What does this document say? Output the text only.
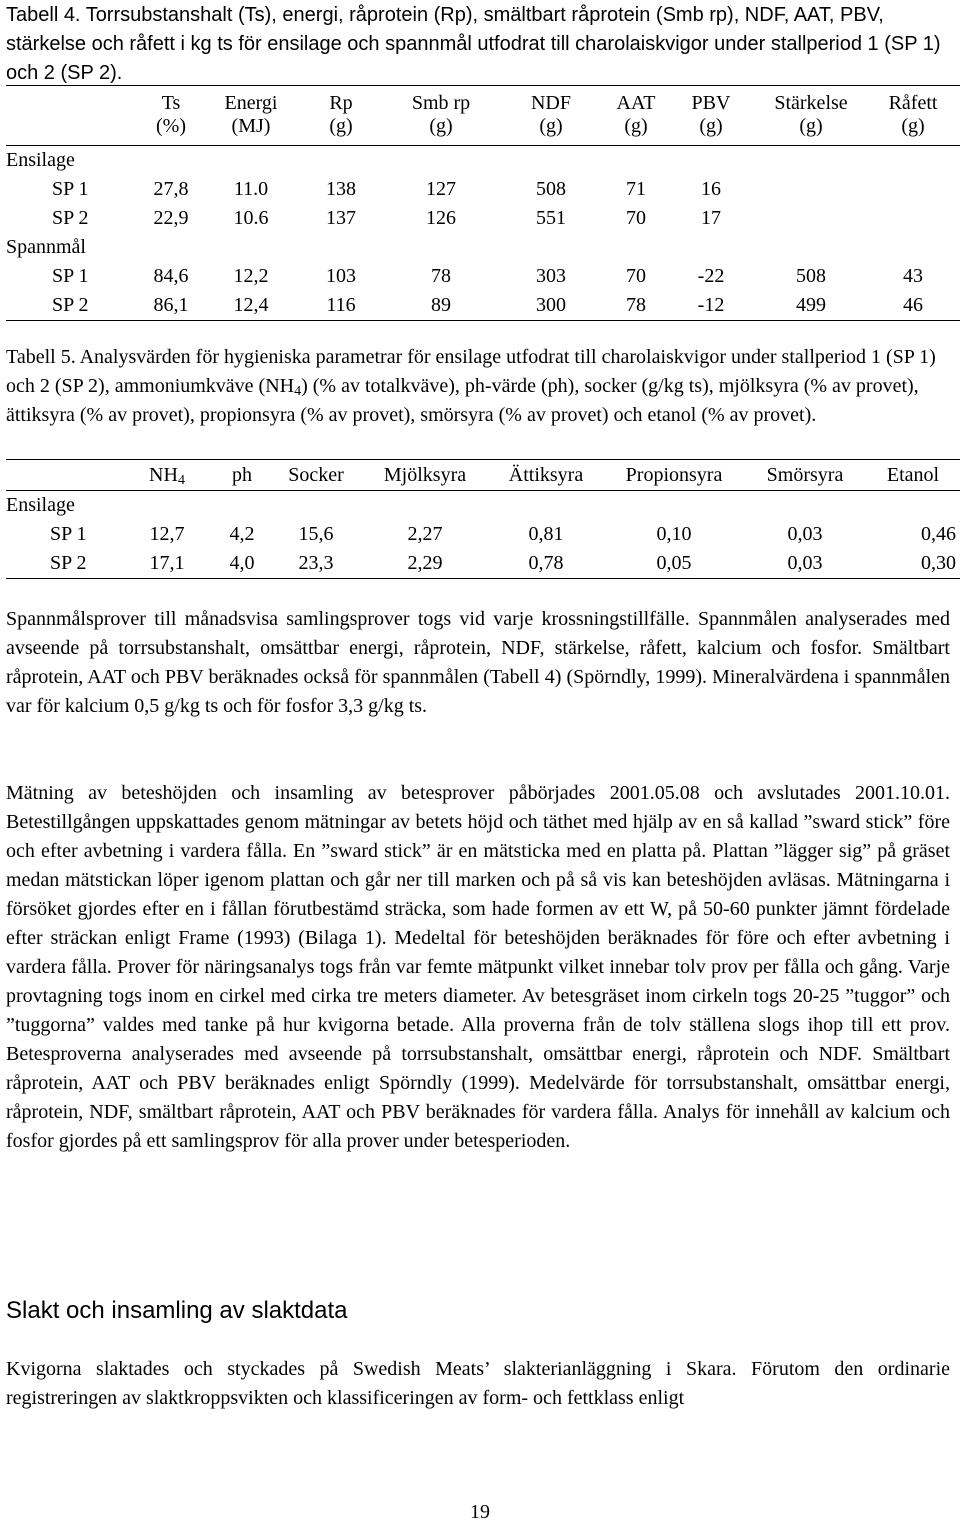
Tabell 4. Torrsubstanshalt (Ts), energi, råprotein (Rp), smältbart råprotein (Smb rp), NDF, AAT, PBV, stärkelse och råfett i kg ts för ensilage och spannmål utfodrat till charolaiskvigor under stallperiod 1 (SP 1) och 2 (SP 2).

	Ts	Energi	Rp	Smb rp	NDF	AAT	PBV	Stärkelse	Råfett
	(%)	(MJ)	(g)	(g)	(g)	(g)	(g)	(g)	(g)
Ensilage									
SP 1	27,8	11.0	138	127	508	71	16		
SP 2	22,9	10.6	137	126	551	70	17		
Spannmål									
SP 1	84,6	12,2	103	78	303	70	-22	508	43
SP 2	86,1	12,4	116	89	300	78	-12	499	46

Tabell 5. Analysvärden för hygieniska parametrar för ensilage utfodrat till charolaiskvigor under stallperiod 1 (SP 1) och 2 (SP 2), ammoniumkväve $(NH_4)$ (% av totalkväve), ph-värde (ph), socker (g/kg ts), mjölksyra (% av provet), ättiksyra (% av provet), propionsyra (% av provet), smörsyra (% av provet) och etanol (% av provet).

	$NH_4$	ph	Socker	Mjölksyra	Ättiksyra	Propionsyra	Smörsyra	Etanol
Ensilage								
SP 1	12,7	4,2	15,6	2,27	0,81	0,10	0,03	0,46
SP 2	17,1	4,0	23,3	2,29	0,78	0,05	0,03	0,30

Spannmålsprover till månadsvisa samlingsprover togs vid varje krossningstillfälle. Spannmålen analyserades med avseende på torrsubstanshalt, omsättbar energi, råprotein, NDF, stärkelse, råfett, kalcium och fosfor. Smältbart råprotein, AAT och PBV beräknades också för spannmålen (Tabell 4) (Spörndly, 1999). Mineralvärdena i spannmålen var för kalcium 0,5 g/kg ts och för fosfor 3,3 g/kg ts.

Mätning av beteshöjden och insamling av betesprover påbörjades 2001.05.08 och avslutades 2001.10.01. Betestillgången uppskattades genom mätningar av betets höjd och täthet med hjälp av en så kallad ”sward stick” före och efter avbetning i vardera fålla. En ”sward stick” är en mätsticka med en platta på. Plattan ”lägger sig” på gräset medan mätstickan löper igenom plattan och går ner till marken och på så vis kan beteshöjden avläsas. Mätningarna i försöket gjordes efter en i fållan förutbestämd sträcka, som hade formen av ett W, på 50-60 punkter jämnt fördelade efter sträckan enligt Frame (1993) (Bilaga 1). Medeltal för beteshöjden beräknades för före och efter avbetning i vardera fålla. Prover för näringsanalys togs från var femte mätpunkt vilket innebar tolv prov per fålla och gång. Varje provtagning togs inom en cirkel med cirka tre meters diameter. Av betesgräset inom cirkeln togs 20-25 ”tuggor” och ”tuggorna” valdes med tanke på hur kvigorna betade. Alla proverna från de tolv ställena slogs ihop till ett prov. Betesproverna analyserades med avseende på torrsubstanshalt, omsättbar energi, råprotein och NDF. Smältbart råprotein, AAT och PBV beräknades enligt Spörndly (1999). Medelvärde för torrsubstanshalt, omsättbar energi, råprotein, NDF, smältbart råprotein, AAT och PBV beräknades för vardera fålla. Analys för innehåll av kalcium och fosfor gjordes på ett samlingsprov för alla prover under betesperioden.

Slakt och insamling av slaktdata

Kvigorna slaktades och styckades på Swedish Meats’ slakterianläggning i Skara. Förutom den ordinarie registreringen av slaktkroppsvikten och klassificeringen av form- och fettklass enligt

19
